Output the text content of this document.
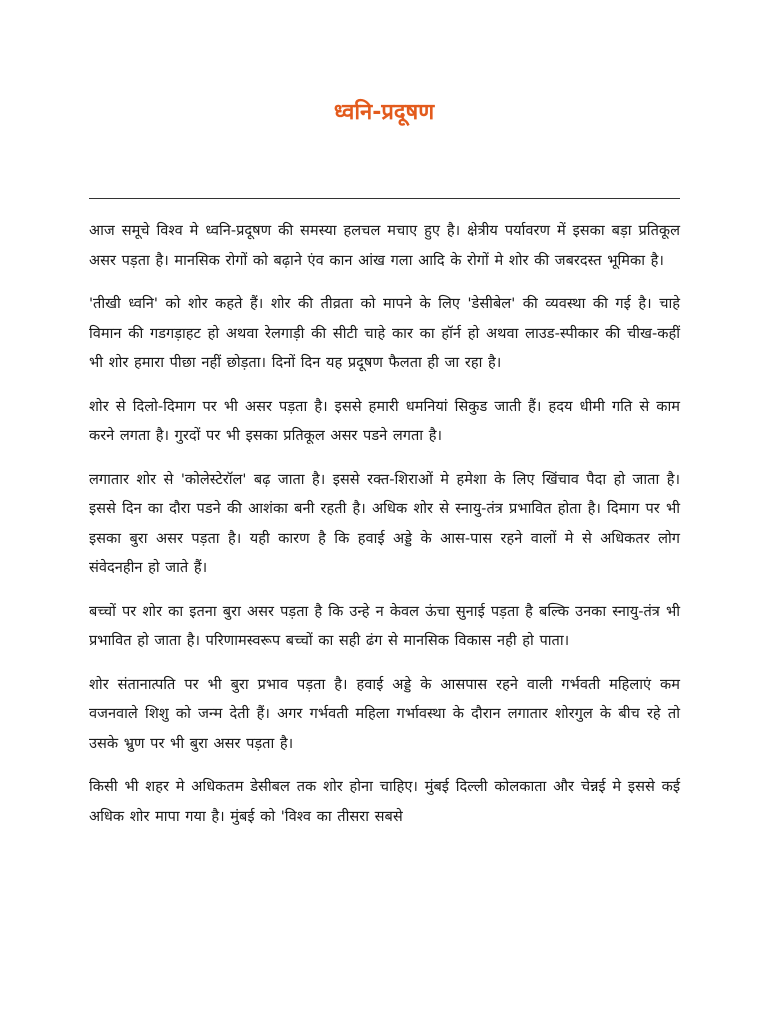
ध्वनि-प्रदूषण

आज समूचे विश्व मे ध्वनि-प्रदूषण की समस्या हलचल मचाए हुए है। क्षेत्रीय पर्यावरण में इसका बड़ा प्रतिकूल असर पड़ता है। मानसिक रोगों को बढ़ाने एंव कान आंख गला आदि के रोगों मे शोर की जबरदस्त भूमिका है।

'तीखी ध्वनि' को शोर कहते हैं। शोर की तीव्रता को मापने के लिए 'डेसीबेल' की व्यवस्था की गई है। चाहे विमान की गडगड़ाहट हो अथवा रेलगाड़ी की सीटी चाहे कार का हॉर्न हो अथवा लाउड-स्पीकार की चीख-कहीं भी शोर हमारा पीछा नहीं छोड़ता। दिनों दिन यह प्रदूषण फैलता ही जा रहा है।

शोर से दिलो-दिमाग पर भी असर पड़ता है। इससे हमारी धमनियां सिकुड जाती हैं। हदय धीमी गति से काम करने लगता है। गुरदों पर भी इसका प्रतिकूल असर पडने लगता है।

लगातार शोर से 'कोलेस्टेरॉल' बढ़ जाता है। इससे रक्त-शिराओं मे हमेशा के लिए खिंचाव पैदा हो जाता है। इससे दिन का दौरा पडने की आशंका बनी रहती है। अधिक शोर से स्नायु-तंत्र प्रभावित होता है। दिमाग पर भी इसका बुरा असर पड़ता है। यही कारण है कि हवाई अड्डे के आस-पास रहने वालों मे से अधिकतर लोग संवेदनहीन हो जाते हैं।

बच्चों पर शोर का इतना बुरा असर पड़ता है कि उन्हे न केवल ऊंचा सुनाई पड़ता है बल्कि उनका स्नायु-तंत्र भी प्रभावित हो जाता है। परिणामस्वरूप बच्चों का सही ढंग से मानसिक विकास नही हो पाता।

शोर संतानात्पति पर भी बुरा प्रभाव पड़ता है। हवाई अड्डे के आसपास रहने वाली गर्भवती महिलाएं कम वजनवाले शिशु को जन्म देती हैं। अगर गर्भवती महिला गर्भावस्था के दौरान लगातार शोरगुल के बीच रहे तो उसके भ्रुण पर भी बुरा असर पड़ता है।

किसी भी शहर मे अधिकतम डेसीबल तक शोर होना चाहिए। मुंबई दिल्ली कोलकाता और चेन्नई मे इससे कई अधिक शोर मापा गया है। मुंबई को 'विश्व का तीसरा सबसे
